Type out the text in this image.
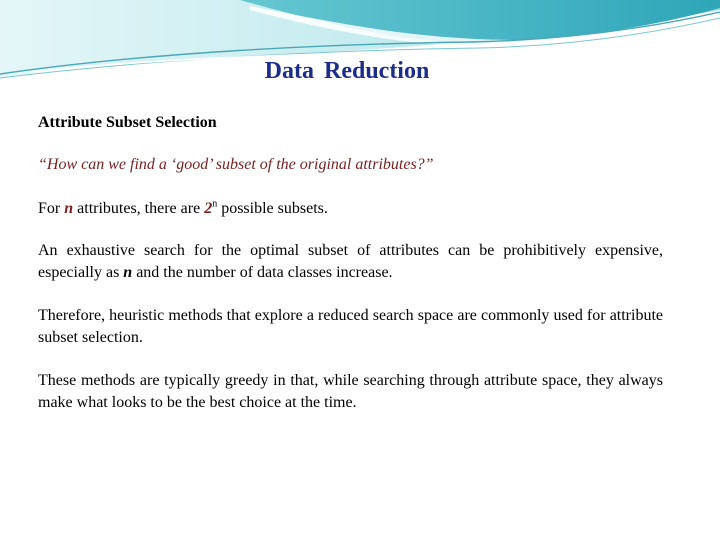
Data Reduction

Attribute Subset Selection

“How can we find a ‘good’ subset of the original attributes?”

For n attributes, there are 2$^n$ possible subsets.

An exhaustive search for the optimal subset of attributes can be prohibitively expensive, especially as n and the number of data classes increase.

Therefore, heuristic methods that explore a reduced search space are commonly used for attribute subset selection.

These methods are typically greedy in that, while searching through attribute space, they always make what looks to be the best choice at the time.
